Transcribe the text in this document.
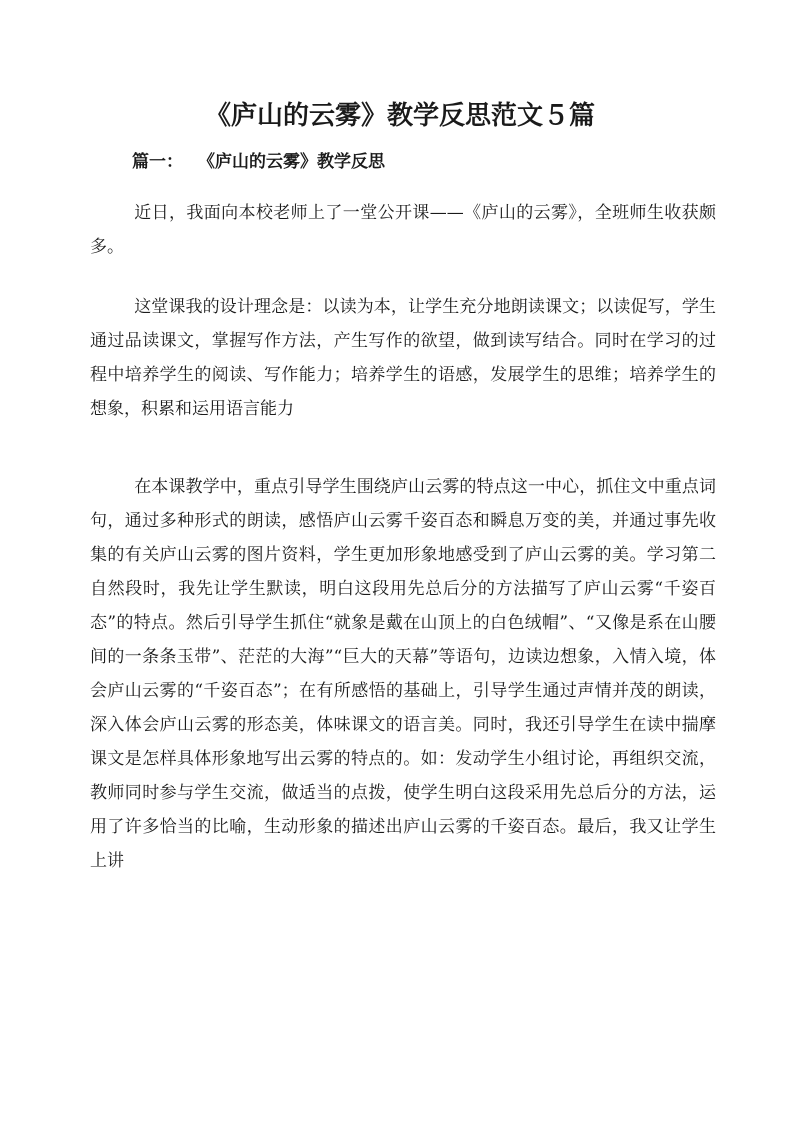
《庐山的云雾》教学反思范文５篇
篇一： 《庐山的云雾》教学反思

近日，我面向本校老师上了一堂公开课——《庐山的云雾》，全班师生收获颇多。

这堂课我的设计理念是：以读为本，让学生充分地朗读课文；以读促写，学生通过品读课文，掌握写作方法，产生写作的欲望，做到读写结合。同时在学习的过程中培养学生的阅读、写作能力；培养学生的语感，发展学生的思维；培养学生的想象，积累和运用语言能力

在本课教学中，重点引导学生围绕庐山云雾的特点这一中心，抓住文中重点词句，通过多种形式的朗读，感悟庐山云雾千姿百态和瞬息万变的美，并通过事先收集的有关庐山云雾的图片资料，学生更加形象地感受到了庐山云雾的美。学习第二自然段时，我先让学生默读，明白这段用先总后分的方法描写了庐山云雾“千姿百态”的特点。然后引导学生抓住“就象是戴在山顶上的白色绒帽”、“又像是系在山腰间的一条条玉带”、茫茫的大海”“巨大的天幕”等语句，边读边想象，入情入境，体会庐山云雾的“千姿百态”；在有所感悟的基础上，引导学生通过声情并茂的朗读，深入体会庐山云雾的形态美，体味课文的语言美。同时，我还引导学生在读中揣摩课文是怎样具体形象地写出云雾的特点的。如：发动学生小组讨论，再组织交流，教师同时参与学生交流，做适当的点拨，使学生明白这段采用先总后分的方法，运用了许多恰当的比喻，生动形象的描述出庐山云雾的千姿百态。最后，我又让学生上讲
